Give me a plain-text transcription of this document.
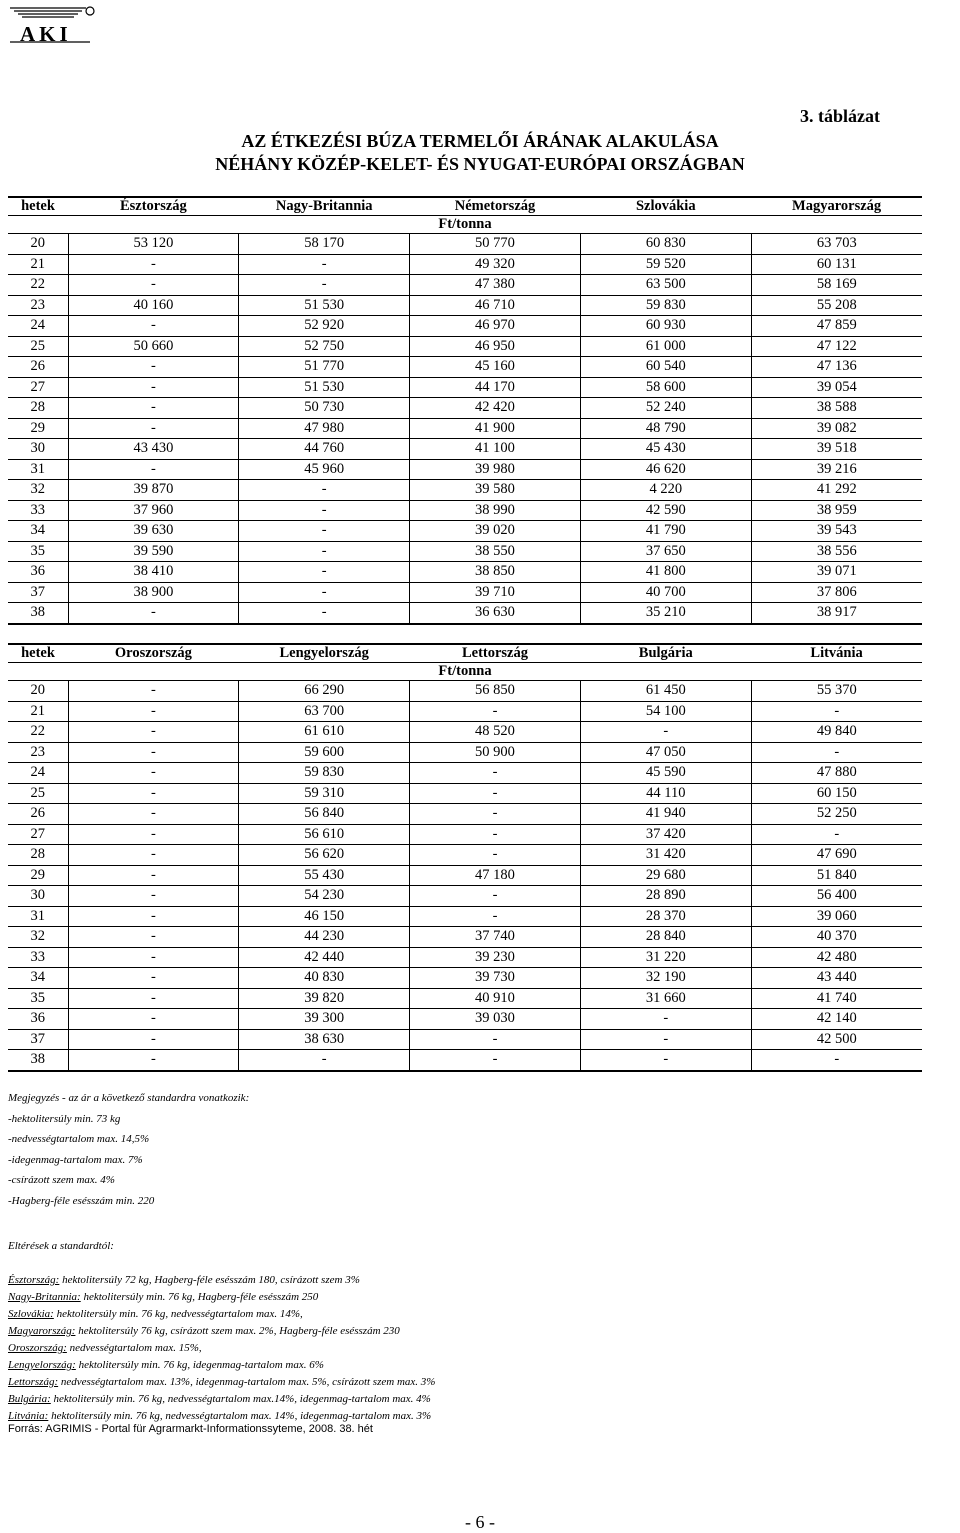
AKI
3. táblázat
AZ ÉTKEZÉSI BÚZA TERMELŐI ÁRÁNAK ALAKULÁSA
NÉHÁNY KÖZÉP-KELET- ÉS NYUGAT-EURÓPAI ORSZÁGBAN
hetek	Észtország	Nagy-Britannia	Németország	Szlovákia	Magyarország
Ft/tonna					
20	53 120	58 170	50 770	60 830	63 703
21	-	-	49 320	59 520	60 131
22	-	-	47 380	63 500	58 169
23	40 160	51 530	46 710	59 830	55 208
24	-	52 920	46 970	60 930	47 859
25	50 660	52 750	46 950	61 000	47 122
26	-	51 770	45 160	60 540	47 136
27	-	51 530	44 170	58 600	39 054
28	-	50 730	42 420	52 240	38 588
29	-	47 980	41 900	48 790	39 082
30	43 430	44 760	41 100	45 430	39 518
31	-	45 960	39 980	46 620	39 216
32	39 870	-	39 580	4 220	41 292
33	37 960	-	38 990	42 590	38 959
34	39 630	-	39 020	41 790	39 543
35	39 590	-	38 550	37 650	38 556
36	38 410	-	38 850	41 800	39 071
37	38 900	-	39 710	40 700	37 806
38	-	-	36 630	35 210	38 917
hetek	Oroszország	Lengyelország	Lettország	Bulgária	Litvánia
Ft/tonna					
20	-	66 290	56 850	61 450	55 370
21	-	63 700	-	54 100	-
22	-	61 610	48 520	-	49 840
23	-	59 600	50 900	47 050	-
24	-	59 830	-	45 590	47 880
25	-	59 310	-	44 110	60 150
26	-	56 840	-	41 940	52 250
27	-	56 610	-	37 420	-
28	-	56 620	-	31 420	47 690
29	-	55 430	47 180	29 680	51 840
30	-	54 230	-	28 890	56 400
31	-	46 150	-	28 370	39 060
32	-	44 230	37 740	28 840	40 370
33	-	42 440	39 230	31 220	42 480
34	-	40 830	39 730	32 190	43 440
35	-	39 820	40 910	31 660	41 740
36	-	39 300	39 030	-	42 140
37	-	38 630	-	-	42 500
38	-	-	-	-	-
Megjegyzés - az ár a következő standardra vonatkozik:
-hektolitersúly min. 73 kg
-nedvességtartalom max. 14,5%
-idegenmag-tartalom max. 7%
-csírázott szem max. 4%
-Hagberg-féle esésszám min. 220
Eltérések a standardtól:
Észtország: hektolitersúly 72 kg, Hagberg-féle esésszám 180, csírázott szem 3%
Nagy-Britannia: hektolitersúly min. 76 kg, Hagberg-féle esésszám 250
Szlovákia: hektolitersúly min. 76 kg, nedvességtartalom max. 14%,
Magyarország: hektolitersúly 76 kg, csírázott szem max. 2%, Hagberg-féle esésszám 230
Oroszország: nedvességtartalom max. 15%,
Lengyelország: hektolitersúly min. 76 kg, idegenmag-tartalom max. 6%
Lettország: nedvességtartalom max. 13%, idegenmag-tartalom max. 5%, csírázott szem max. 3%
Bulgária: hektolitersúly min. 76 kg, nedvességtartalom max.14%, idegenmag-tartalom max. 4%
Litvánia: hektolitersúly min. 76 kg, nedvességtartalom max. 14%, idegenmag-tartalom max. 3%
Forrás: AGRIMIS - Portal für Agrarmarkt-Informationssyteme, 2008. 38. hét
- 6 -
